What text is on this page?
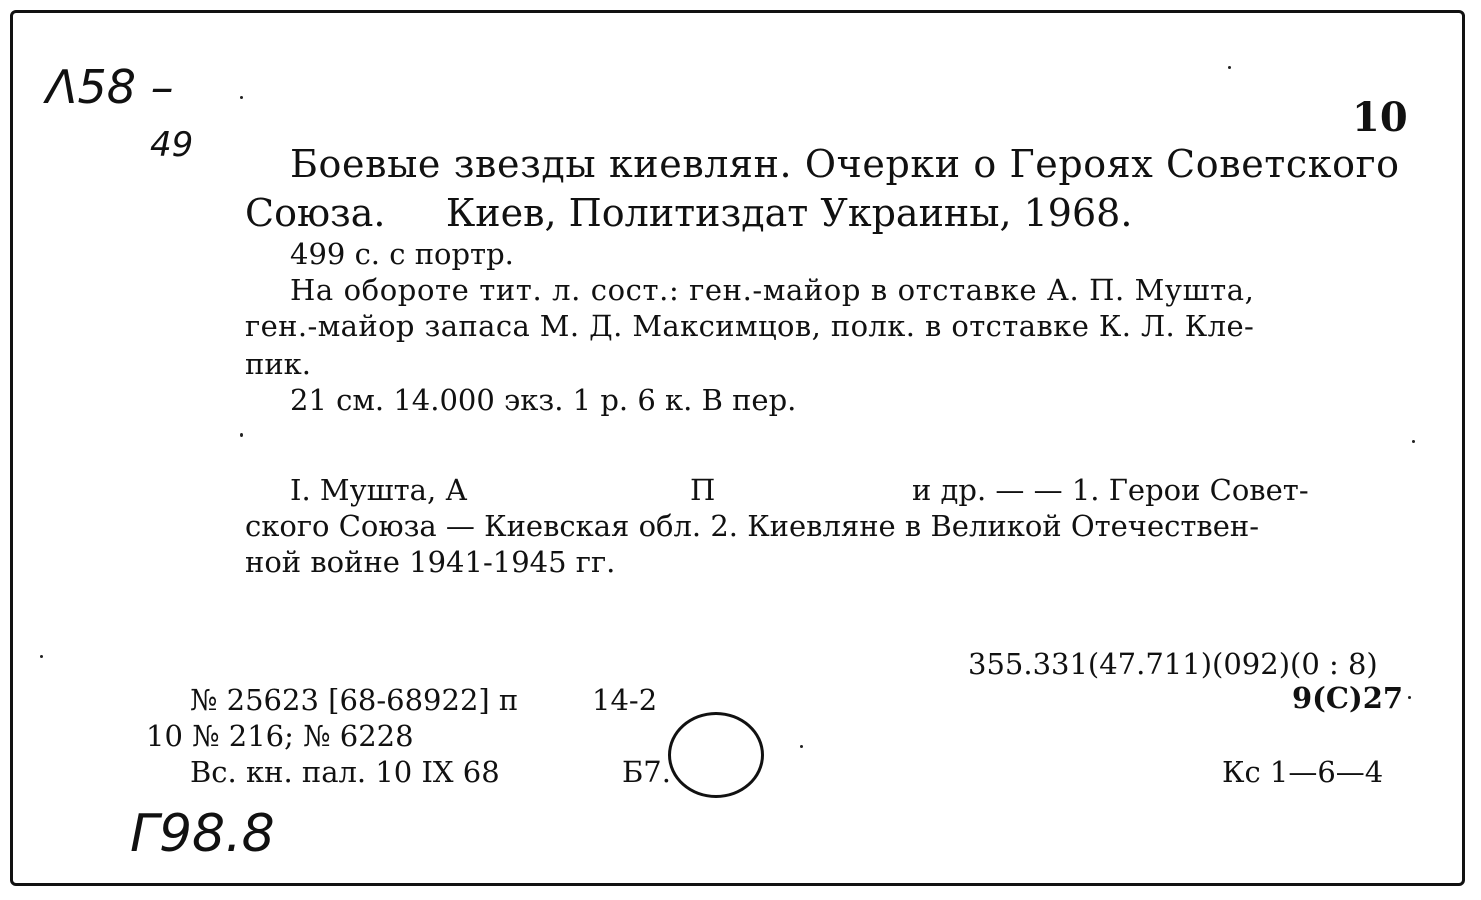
Λ58 –
49
Г98.8
10
Боевые звезды киевлян. Очерки о Героях Советского
Союза.     Киев, Политиздат Украины, 1968.
499 с. с портр.
На обороте тит. л. сост.: ген.-майор в отставке А. П. Мушта,
ген.-майор запаса М. Д. Максимцов, полк. в отставке К. Л. Кле-
пик.
21 см. 14.000 экз. 1 р. 6 к. В пер.
I. Мушта, А	П	и др. — — 1. Герои Совет-
ского Союза — Киевская обл. 2. Киевляне в Великой Отечествен-
ной войне 1941-1945 гг.
355.331(47.711)(092)(0 : 8)
9(С)27
Кс 1—6—4
№ 25623 [68-68922] п	14-2
10 № 216; № 6228
Вс. кн. пал. 10 IX 68	Б7.
